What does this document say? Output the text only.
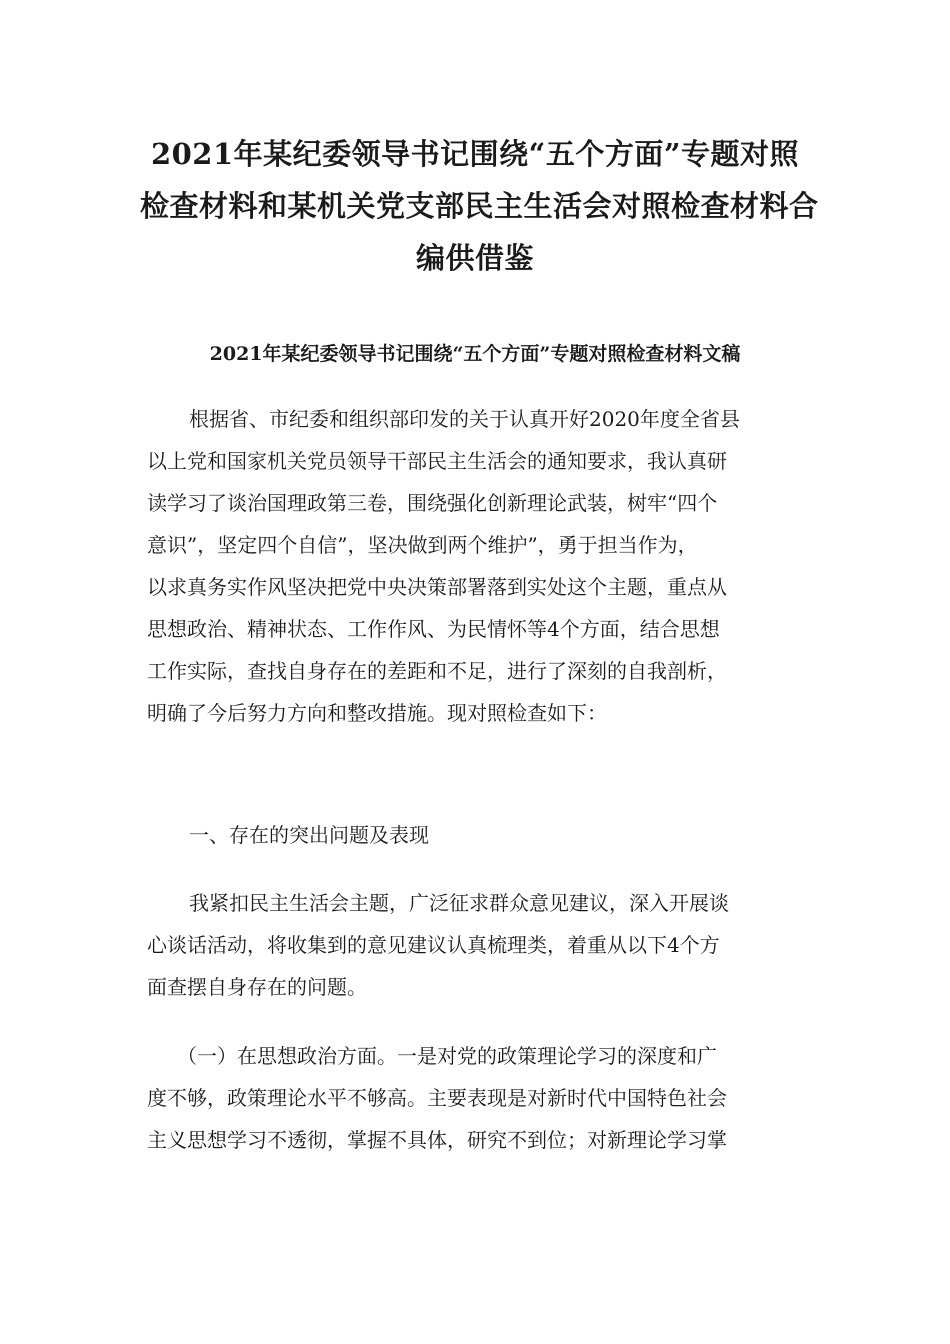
2021年某纪委领导书记围绕“五个方面”专题对照
检查材料和某机关党支部民主生活会对照检查材料合
编供借鉴
2021年某纪委领导书记围绕“五个方面”专题对照检查材料文稿

根据省、市纪委和组织部印发的关于认真开好2020年度全省县
以上党和国家机关党员领导干部民主生活会的通知要求，我认真研
读学习了谈治国理政第三卷，围绕强化创新理论武装，树牢“四个
意识”，坚定四个自信”，坚决做到两个维护”，勇于担当作为，
以求真务实作风坚决把党中央决策部署落到实处这个主题，重点从
思想政治、精神状态、工作作风、为民情怀等4个方面，结合思想
工作实际，查找自身存在的差距和不足，进行了深刻的自我剖析，
明确了今后努力方向和整改措施。现对照检查如下：

一、存在的突出问题及表现

我紧扣民主生活会主题，广泛征求群众意见建议，深入开展谈
心谈话活动，将收集到的意见建议认真梳理类，着重从以下4个方
面查摆自身存在的问题。

（一）在思想政治方面。一是对党的政策理论学习的深度和广
度不够，政策理论水平不够高。主要表现是对新时代中国特色社会
主义思想学习不透彻，掌握不具体，研究不到位；对新理论学习掌
